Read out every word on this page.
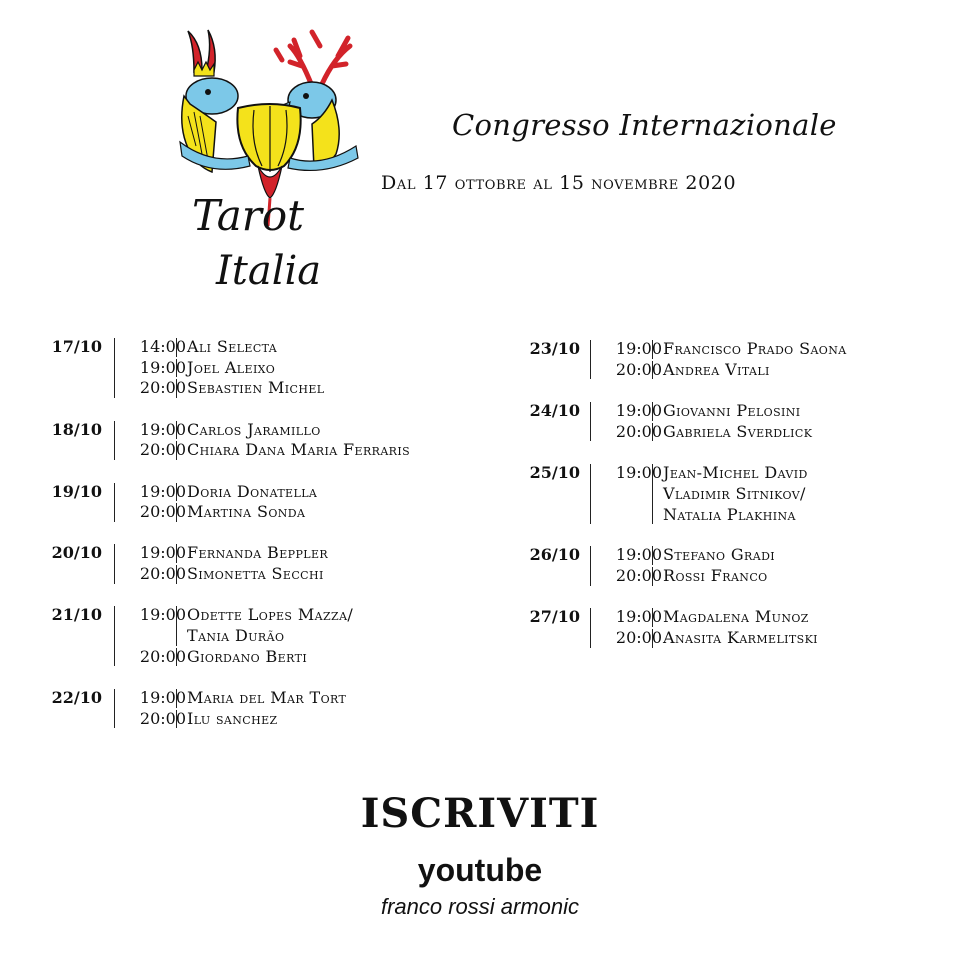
Tarot
Italia
Congresso Internazionale
Dal 17 ottobre al 15 novembre 2020
17/10	14:00 Ali Selecta
19:00 Joel Aleixo
20:00 Sebastien Michel
18/10	19:00 Carlos Jaramillo
20:00 Chiara Dana Maria Ferraris
19/10	19:00 Doria Donatella
20:00 Martina Sonda
20/10	19:00 Fernanda Beppler
20:00 Simonetta Secchi
21/10	19:00 Odette Lopes Mazza/
Tania Durão
20:00 Giordano Berti
22/10	19:00 Maria del Mar Tort
20:00 Ilu sanchez
23/10	19:00 Francisco Prado Saona
20:00 Andrea Vitali
24/10	19:00 Giovanni Pelosini
20:00 Gabriela Sverdlick
25/10	19:00 Jean-Michel David
Vladimir Sitnikov/
Natalia Plakhina
26/10	19:00 Stefano Gradi
20:00 Rossi Franco
27/10	19:00 Magdalena Munoz
20:00 Anasita Karmelitski
ISCRIVITI
youtube
franco rossi armonic
